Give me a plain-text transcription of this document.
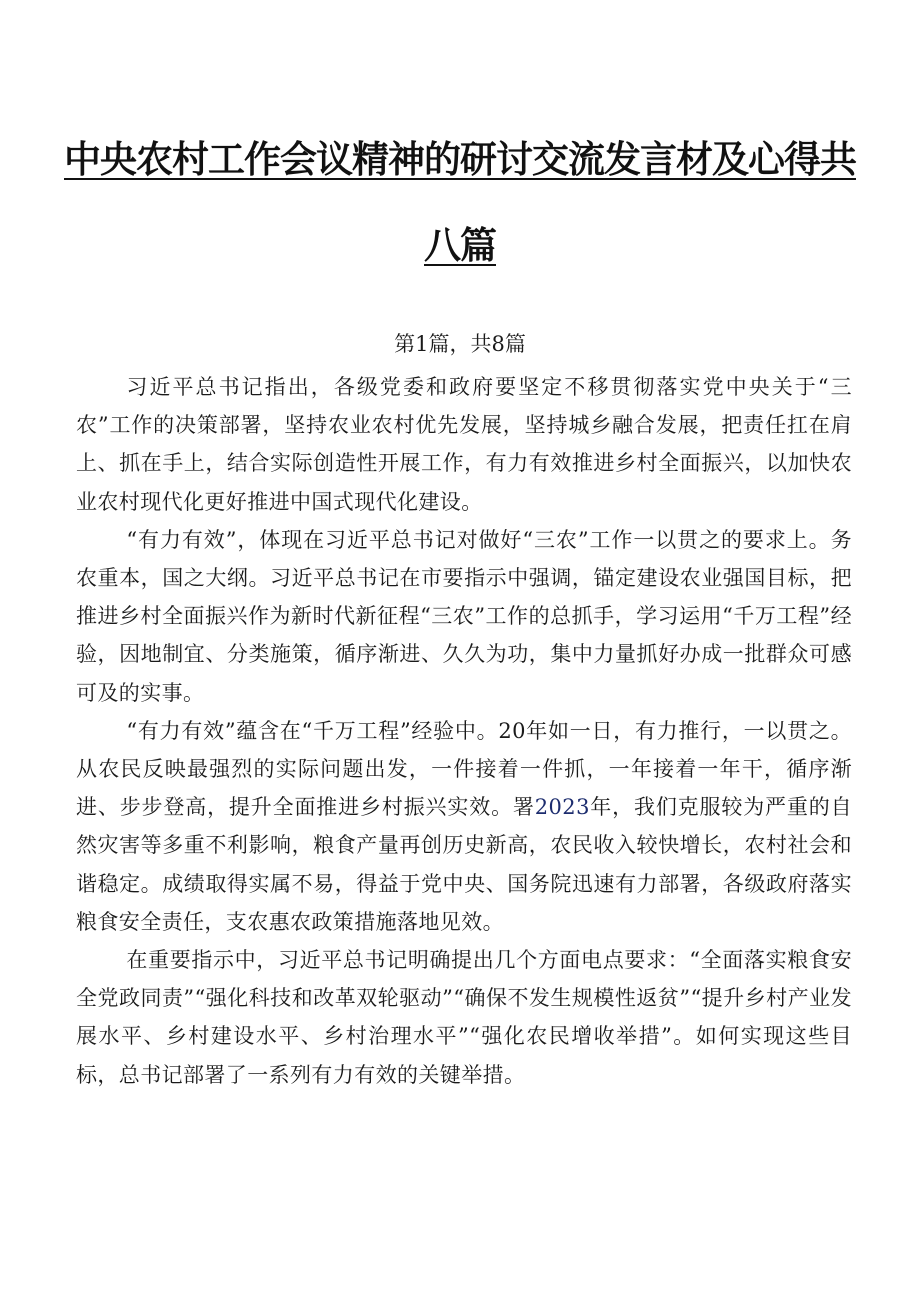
中央农村工作会议精神的研讨交流发言材及心得共
八篇
第1篇，共8篇

习近平总书记指出，各级党委和政府要坚定不移贯彻落实党中央关于“三农”工作的决策部署，坚持农业农村优先发展，坚持城乡融合发展，把责任扛在肩上、抓在手上，结合实际创造性开展工作，有力有效推进乡村全面振兴，以加快农业农村现代化更好推进中国式现代化建设。

“有力有效”，体现在习近平总书记对做好“三农”工作一以贯之的要求上。务农重本，国之大纲。习近平总书记在市要指示中强调，锚定建设农业强国目标，把推进乡村全面振兴作为新时代新征程“三农”工作的总抓手，学习运用“千万工程”经验，因地制宜、分类施策，循序渐进、久久为功，集中力量抓好办成一批群众可感可及的实事。

“有力有效”蕴含在“千万工程”经验中。20年如一日，有力推行，一以贯之。从农民反映最强烈的实际问题出发，一件接着一件抓，一年接着一年干，循序渐进、步步登高，提升全面推进乡村振兴实效。署2023年，我们克服较为严重的自然灾害等多重不利影响，粮食产量再创历史新高，农民收入较快增长，农村社会和谐稳定。成绩取得实属不易，得益于党中央、国务院迅速有力部署，各级政府落实粮食安全责任，支农惠农政策措施落地见效。

在重要指示中，习近平总书记明确提出几个方面电点要求：“全面落实粮食安全党政同责”“强化科技和改革双轮驱动”“确保不发生规模性返贫”“提升乡村产业发展水平、乡村建设水平、乡村治理水平”“强化农民增收举措”。如何实现这些目标，总书记部署了一系列有力有效的关键举措。
